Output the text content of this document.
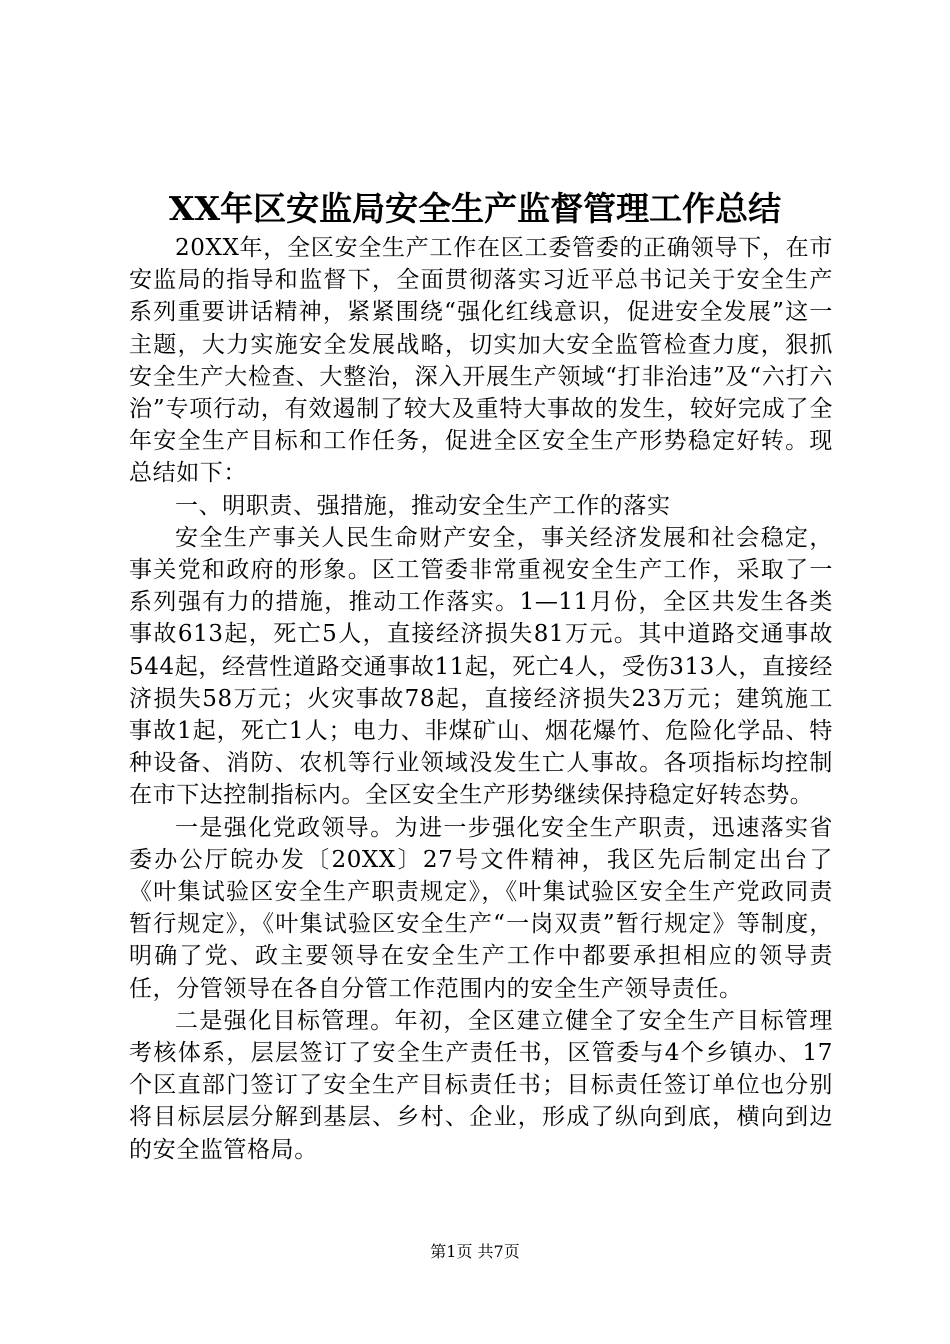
XX年区安监局安全生产监督管理工作总结

20XX年，全区安全生产工作在区工委管委的正确领导下，在市安监局的指导和监督下，全面贯彻落实习近平总书记关于安全生产系列重要讲话精神，紧紧围绕“强化红线意识，促进安全发展”这一主题，大力实施安全发展战略，切实加大安全监管检查力度，狠抓安全生产大检查、大整治，深入开展生产领域“打非治违”及“六打六治”专项行动，有效遏制了较大及重特大事故的发生，较好完成了全年安全生产目标和工作任务，促进全区安全生产形势稳定好转。现总结如下：

一、明职责、强措施，推动安全生产工作的落实

安全生产事关人民生命财产安全，事关经济发展和社会稳定，事关党和政府的形象。区工管委非常重视安全生产工作，采取了一系列强有力的措施，推动工作落实。1—11月份，全区共发生各类事故613起，死亡5人，直接经济损失81万元。其中道路交通事故544起，经营性道路交通事故11起，死亡4人，受伤313人，直接经济损失58万元；火灾事故78起，直接经济损失23万元；建筑施工事故1起，死亡1人；电力、非煤矿山、烟花爆竹、危险化学品、特种设备、消防、农机等行业领域没发生亡人事故。各项指标均控制在市下达控制指标内。全区安全生产形势继续保持稳定好转态势。

一是强化党政领导。为进一步强化安全生产职责，迅速落实省委办公厅皖办发〔20XX〕27号文件精神，我区先后制定出台了《叶集试验区安全生产职责规定》，《叶集试验区安全生产党政同责暂行规定》，《叶集试验区安全生产“一岗双责”暂行规定》等制度，明确了党、政主要领导在安全生产工作中都要承担相应的领导责任，分管领导在各自分管工作范围内的安全生产领导责任。

二是强化目标管理。年初，全区建立健全了安全生产目标管理考核体系，层层签订了安全生产责任书，区管委与4个乡镇办、17个区直部门签订了安全生产目标责任书；目标责任签订单位也分别将目标层层分解到基层、乡村、企业，形成了纵向到底，横向到边的安全监管格局。

第1页 共7页
